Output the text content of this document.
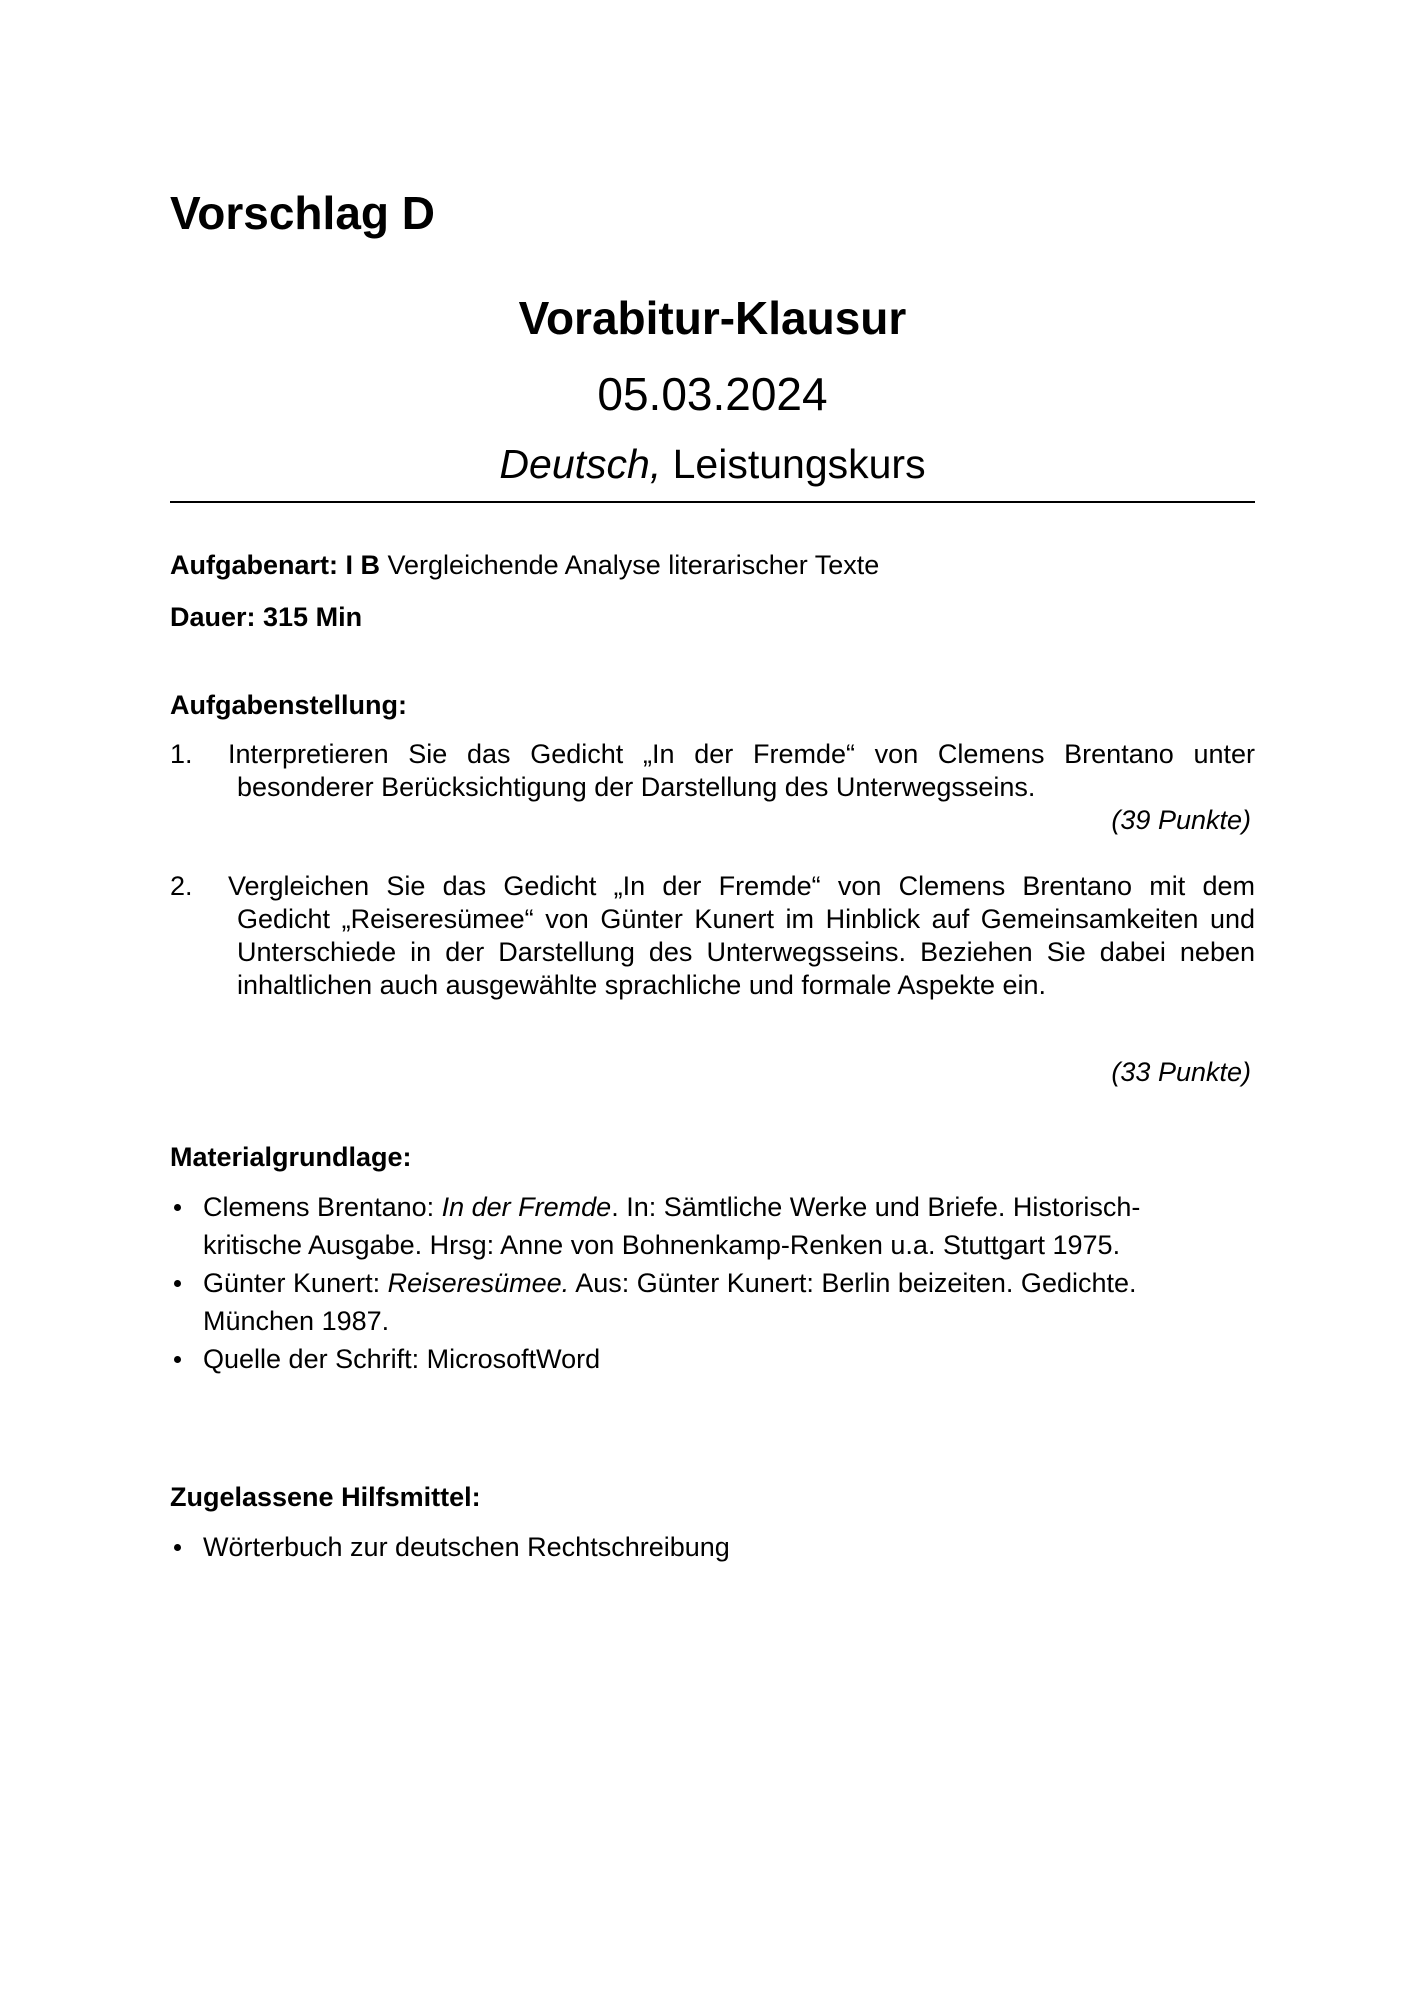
Vorschlag D
Vorabitur-Klausur
05.03.2024
Deutsch, Leistungskurs
Aufgabenart: I B Vergleichende Analyse literarischer Texte
Dauer: 315 Min
Aufgabenstellung:
1. Interpretieren Sie das Gedicht „In der Fremde“ von Clemens Brentano unter
besonderer Berücksichtigung der Darstellung des Unterwegsseins.
(39 Punkte)
2. Vergleichen Sie das Gedicht „In der Fremde“ von Clemens Brentano mit dem
Gedicht „Reiseresümee“ von Günter Kunert im Hinblick auf Gemeinsamkeiten und Unterschiede in der Darstellung des Unterwegsseins. Beziehen Sie dabei neben inhaltlichen auch ausgewählte sprachliche und formale Aspekte ein.
(33 Punkte)
Materialgrundlage:
Clemens Brentano: In der Fremde. In: Sämtliche Werke und Briefe. Historisch-kritische Ausgabe. Hrsg: Anne von Bohnenkamp-Renken u.a. Stuttgart 1975.
Günter Kunert: Reiseresümee. Aus: Günter Kunert: Berlin beizeiten. Gedichte. München 1987.
Quelle der Schrift: MicrosoftWord
Zugelassene Hilfsmittel:
Wörterbuch zur deutschen Rechtschreibung
